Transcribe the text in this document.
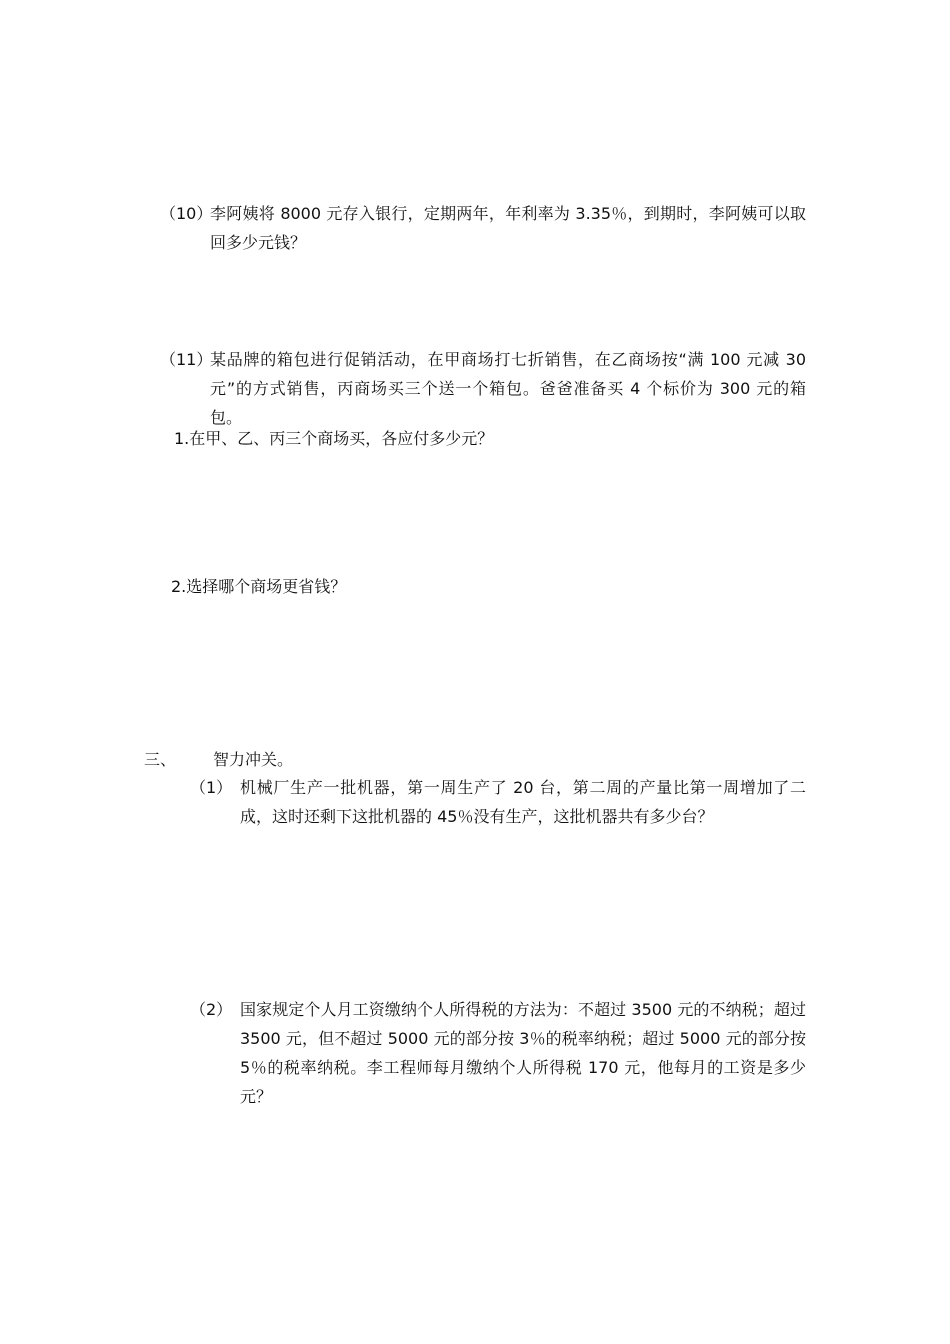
（10）
李阿姨将 8000 元存入银行，定期两年，年利率为 3.35％，到期时，李阿姨可以取回多少元钱？
（11）
某品牌的箱包进行促销活动，在甲商场打七折销售，在乙商场按“满 100 元减 30 元”的方式销售，丙商场买三个送一个箱包。爸爸准备买 4 个标价为 300 元的箱包。
1.在甲、乙、丙三个商场买，各应付多少元？
2.选择哪个商场更省钱？
三、 智力冲关。
（1） 机械厂生产一批机器，第一周生产了 20 台，第二周的产量比第一周增加了二成，这时还剩下这批机器的 45％没有生产，这批机器共有多少台？
（2） 国家规定个人月工资缴纳个人所得税的方法为：不超过 3500 元的不纳税；超过 3500 元，但不超过 5000 元的部分按 3％的税率纳税；超过 5000 元的部分按 5％的税率纳税。李工程师每月缴纳个人所得税 170 元，他每月的工资是多少元？
